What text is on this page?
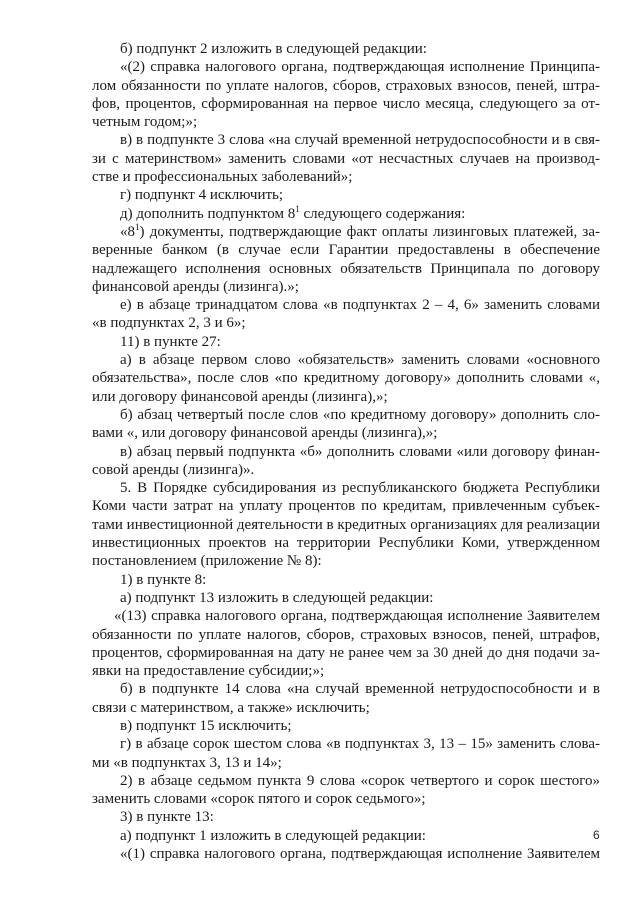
б) подпункт 2 изложить в следующей редакции:
«(2) справка налогового органа, подтверждающая исполнение Принципа-
лом обязанности по уплате налогов, сборов, страховых взносов, пеней, штра-
фов, процентов, сформированная на первое число месяца, следующего за от-
четным годом;»;
в) в подпункте 3 слова «на случай временной нетрудоспособности и в свя-
зи с материнством» заменить словами «от несчастных случаев на производ-
стве и профессиональных заболеваний»;
г) подпункт 4 исключить;
д) дополнить подпунктом $8^1$ следующего содержания:
«$8^1$) документы, подтверждающие факт оплаты лизинговых платежей, за-
веренные банком (в случае если Гарантии предоставлены в обеспечение
надлежащего исполнения основных обязательств Принципала по договору
финансовой аренды (лизинга).»;
е) в абзаце тринадцатом слова «в подпунктах 2 – 4, 6» заменить словами
«в подпунктах 2, 3 и 6»;
11) в пункте 27:
а) в абзаце первом слово «обязательств» заменить словами «основного
обязательства», после слов «по кредитному договору» дополнить словами «,
или договору финансовой аренды (лизинга),»;
б) абзац четвертый после слов «по кредитному договору» дополнить сло-
вами «, или договору финансовой аренды (лизинга),»;
в) абзац первый подпункта «б» дополнить словами «или договору финан-
совой аренды (лизинга)».
5. В Порядке субсидирования из республиканского бюджета Республики
Коми части затрат на уплату процентов по кредитам, привлеченным субъек-
тами инвестиционной деятельности в кредитных организациях для реализации
инвестиционных проектов на территории Республики Коми, утвержденном
постановлением (приложение № 8):
1) в пункте 8:
а) подпункт 13 изложить в следующей редакции:
«(13) справка налогового органа, подтверждающая исполнение Заявителем
обязанности по уплате налогов, сборов, страховых взносов, пеней, штрафов,
процентов, сформированная на дату не ранее чем за 30 дней до дня подачи за-
явки на предоставление субсидии;»;
б) в подпункте 14 слова «на случай временной нетрудоспособности и в
связи с материнством, а также» исключить;
в) подпункт 15 исключить;
г) в абзаце сорок шестом слова «в подпунктах 3, 13 – 15» заменить слова-
ми «в подпунктах 3, 13 и 14»;
2) в абзаце седьмом пункта 9 слова «сорок четвертого и сорок шестого»
заменить словами «сорок пятого и сорок седьмого»;
3) в пункте 13:
а) подпункт 1 изложить в следующей редакции:
«(1) справка налогового органа, подтверждающая исполнение Заявителем
6
